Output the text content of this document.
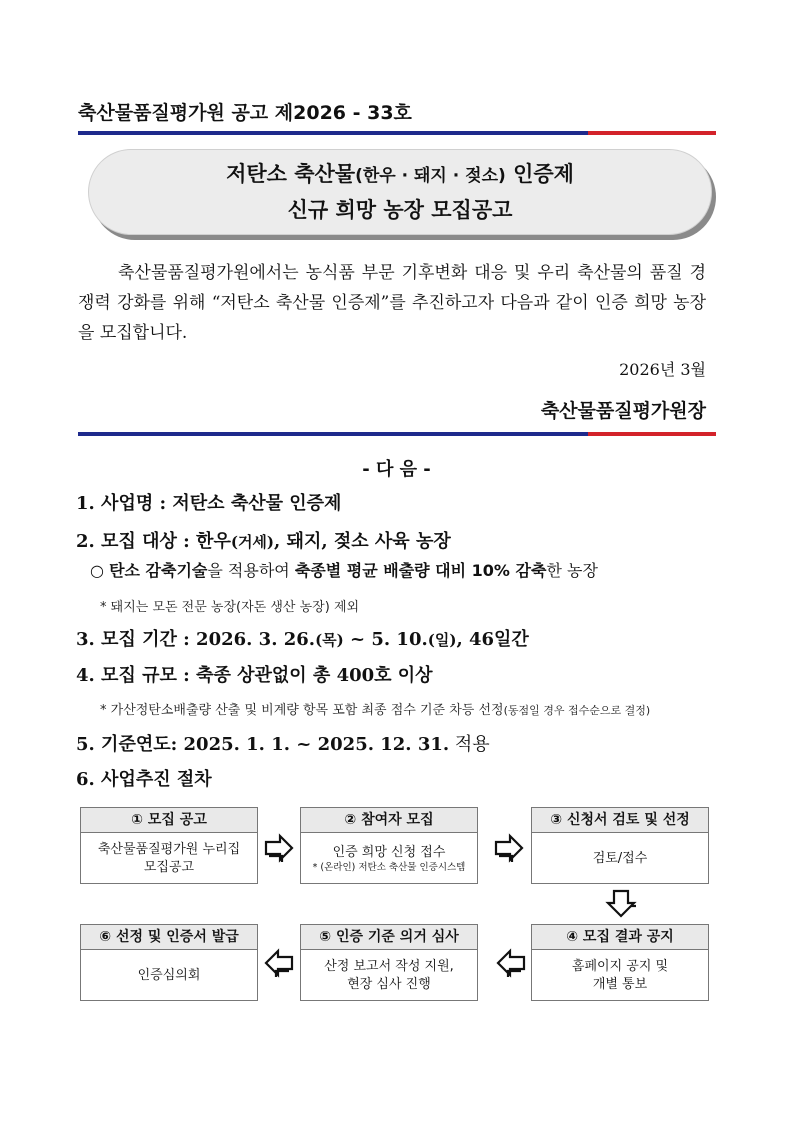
축산물품질평가원 공고 제2026 - 33호
저탄소 축산물(한우 · 돼지 · 젖소) 인증제
신규 희망 농장 모집공고

축산물품질평가원에서는 농식품 부문 기후변화 대응 및 우리 축산물의 품질 경쟁력 강화를 위해 “저탄소 축산물 인증제”를 추진하고자 다음과 같이 인증 희망 농장을 모집합니다.

2026년 3월
축산물품질평가원장
- 다 음 -
1. 사업명 : 저탄소 축산물 인증제
2. 모집 대상 : 한우(거세), 돼지, 젖소 사육 농장
○ 탄소 감축기술을 적용하여 축종별 평균 배출량 대비 10% 감축한 농장
* 돼지는 모돈 전문 농장(자돈 생산 농장) 제외
3. 모집 기간 : 2026. 3. 26.(목) ~ 5. 10.(일), 46일간
4. 모집 규모 : 축종 상관없이 총 400호 이상
* 가산정탄소배출량 산출 및 비계량 항목 포함 최종 점수 기준 차등 선정(동점일 경우 접수순으로 결정)
5. 기준연도: 2025. 1. 1. ~ 2025. 12. 31. 적용
6. 사업추진 절차
① 모집 공고
축산물품질평가원 누리집
모집공고
② 참여자 모집
인증 희망 신청 접수
* (온라인) 저탄소 축산물 인증시스템
③ 신청서 검토 및 선정
검토/접수
⑥ 선정 및 인증서 발급
인증심의회
⑤ 인증 기준 의거 심사
산정 보고서 작성 지원,
현장 심사 진행
④ 모집 결과 공지
홈페이지 공지 및
개별 통보
